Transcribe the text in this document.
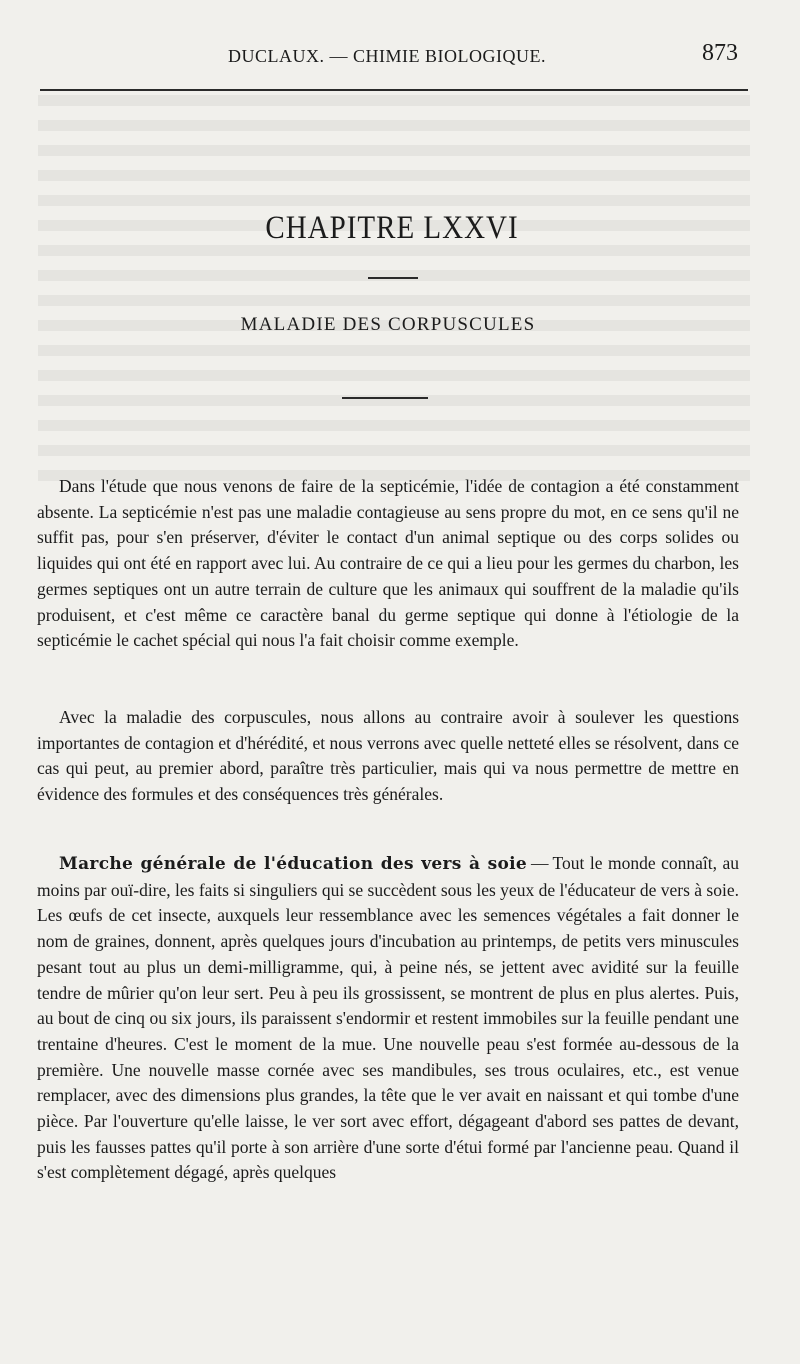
DUCLAUX. — CHIMIE BIOLOGIQUE.	873
CHAPITRE LXXVI
MALADIE DES CORPUSCULES

Dans l'étude que nous venons de faire de la septicémie, l'idée de contagion a été constamment absente. La septicémie n'est pas une maladie contagieuse au sens propre du mot, en ce sens qu'il ne suffit pas, pour s'en préserver, d'éviter le contact d'un animal septique ou des corps solides ou liquides qui ont été en rapport avec lui. Au contraire de ce qui a lieu pour les germes du charbon, les germes septiques ont un autre terrain de culture que les animaux qui souffrent de la maladie qu'ils produisent, et c'est même ce caractère banal du germe septique qui donne à l'étiologie de la septicémie le cachet spécial qui nous l'a fait choisir comme exemple.

Avec la maladie des corpuscules, nous allons au contraire avoir à soulever les questions importantes de contagion et d'hérédité, et nous verrons avec quelle netteté elles se résolvent, dans ce cas qui peut, au premier abord, paraître très particulier, mais qui va nous permettre de mettre en évidence des formules et des conséquences très générales.

Marche générale de l'éducation des vers à soie — Tout le monde connaît, au moins par ouï-dire, les faits si singuliers qui se succèdent sous les yeux de l'éducateur de vers à soie. Les œufs de cet insecte, auxquels leur ressemblance avec les semences végétales a fait donner le nom de graines, donnent, après quelques jours d'incubation au printemps, de petits vers minuscules pesant tout au plus un demi-milligramme, qui, à peine nés, se jettent avec avidité sur la feuille tendre de mûrier qu'on leur sert. Peu à peu ils grossissent, se montrent de plus en plus alertes. Puis, au bout de cinq ou six jours, ils paraissent s'endormir et restent immobiles sur la feuille pendant une trentaine d'heures. C'est le moment de la mue. Une nouvelle peau s'est formée au-dessous de la première. Une nouvelle masse cornée avec ses mandibules, ses trous oculaires, etc., est venue remplacer, avec des dimensions plus grandes, la tête que le ver avait en naissant et qui tombe d'une pièce. Par l'ouverture qu'elle laisse, le ver sort avec effort, dégageant d'abord ses pattes de devant, puis les fausses pattes qu'il porte à son arrière d'une sorte d'étui formé par l'ancienne peau. Quand il s'est complètement dégagé, après quelques
